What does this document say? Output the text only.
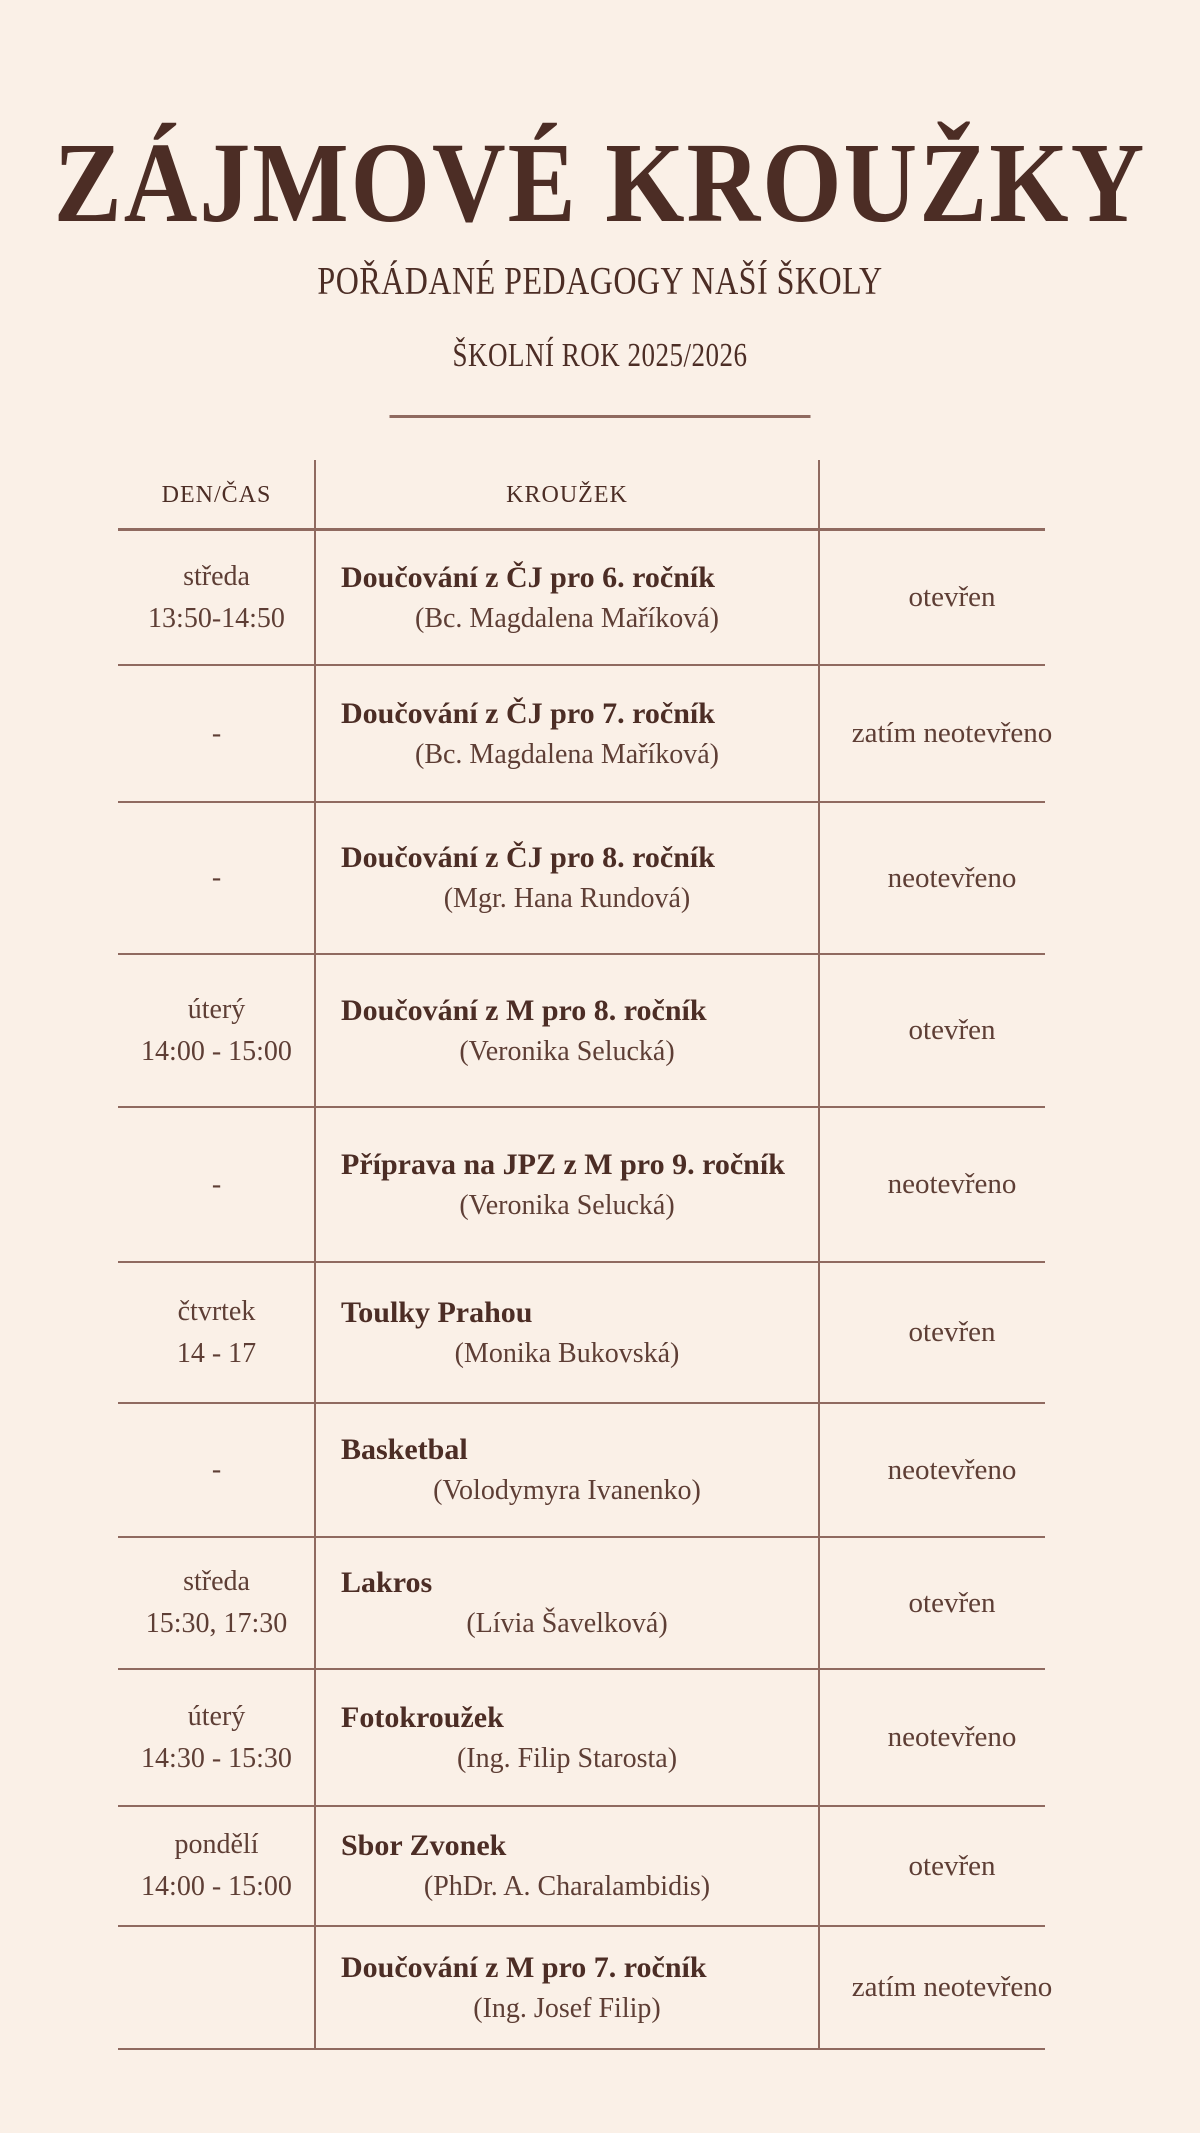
ZÁJMOVÉ KROUŽKY
POŘÁDANÉ PEDAGOGY NAŠÍ ŠKOLY
ŠKOLNÍ ROK 2025/2026
DEN/ČAS	KROUŽEK
středa
13:50-14:50
Doučování z ČJ pro 6. ročník
(Bc. Magdalena Maříková)
otevřen
-
Doučování z ČJ pro 7. ročník
(Bc. Magdalena Maříková)
zatím neotevřeno
-
Doučování z ČJ pro 8. ročník
(Mgr. Hana Rundová)
neotevřeno
úterý
14:00 - 15:00
Doučování z M pro 8. ročník
(Veronika Selucká)
otevřen
-
Příprava na JPZ z M pro 9. ročník
(Veronika Selucká)
neotevřeno
čtvrtek
14 - 17
Toulky Prahou
(Monika Bukovská)
otevřen
-
Basketbal
(Volodymyra Ivanenko)
neotevřeno
středa
15:30, 17:30
Lakros
(Lívia Šavelková)
otevřen
úterý
14:30 - 15:30
Fotokroužek
(Ing. Filip Starosta)
neotevřeno
pondělí
14:00 - 15:00
Sbor Zvonek
(PhDr. A. Charalambidis)
otevřen
Doučování z M pro 7. ročník
(Ing. Josef Filip)
zatím neotevřeno
